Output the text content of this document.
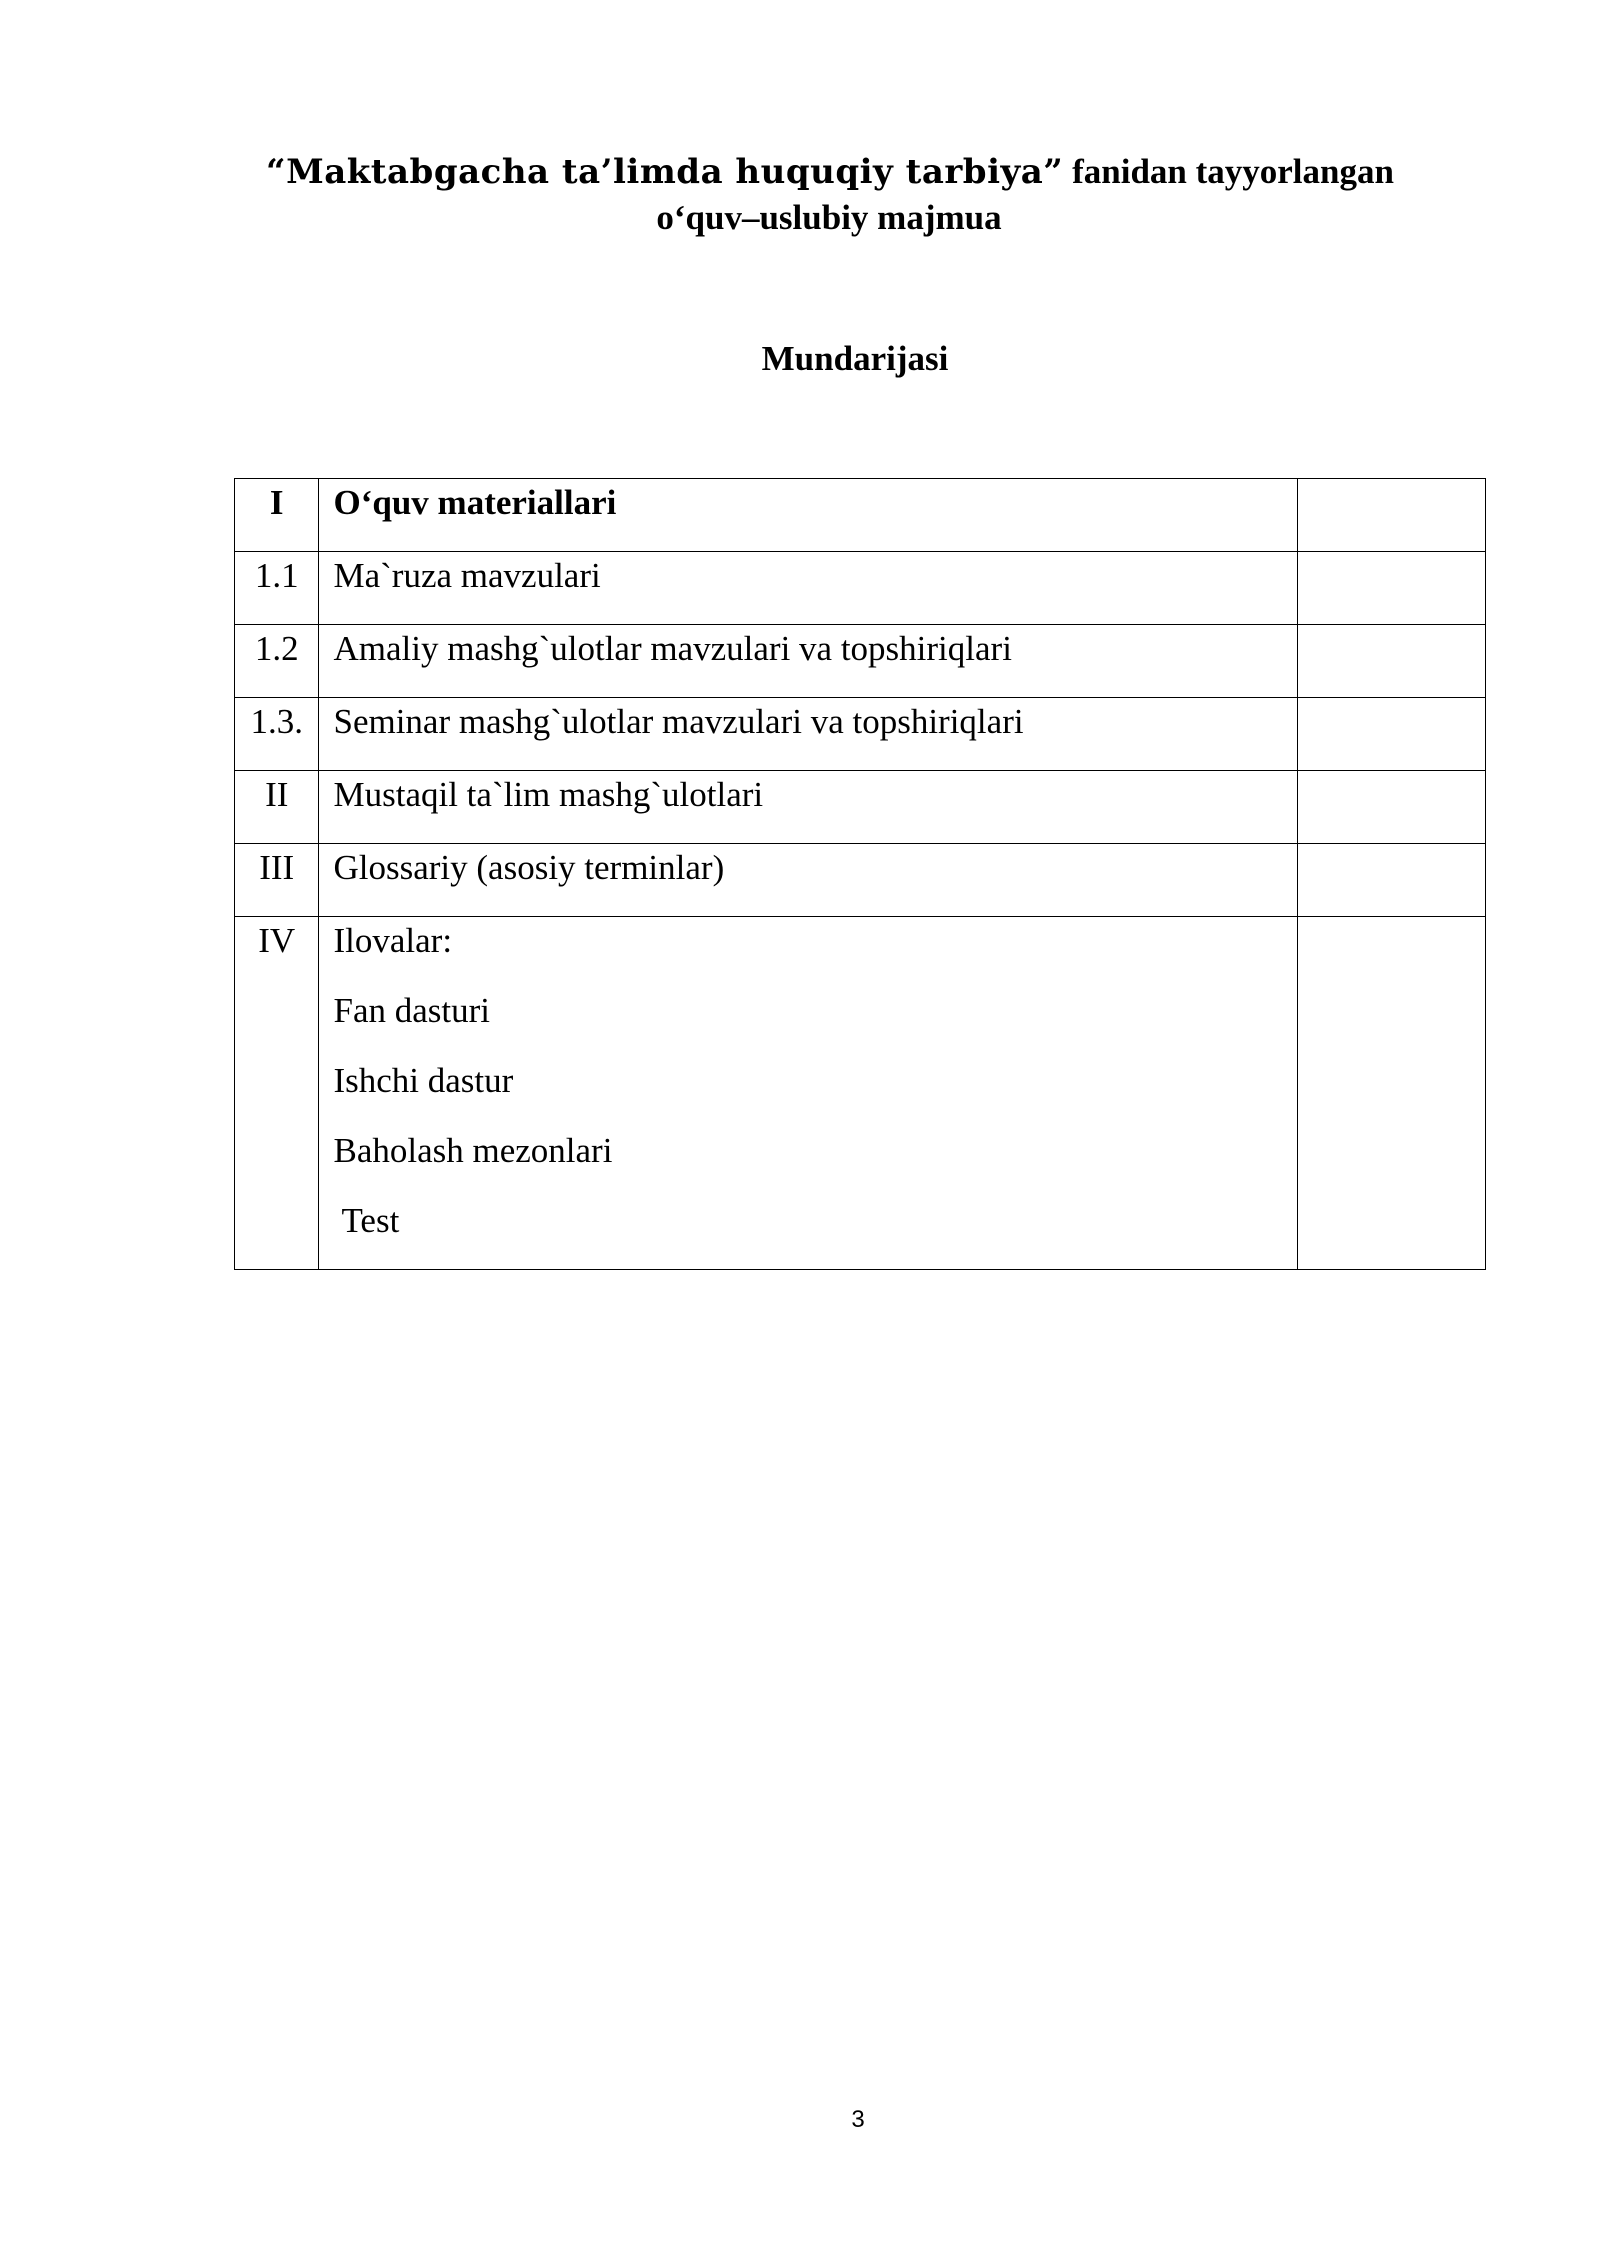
“Maktabgacha ta’limda huquqiy tarbiya” fanidan tayyorlangan
o‘quv–uslubiy majmua
Mundarijasi
I	O‘quv materiallari	
1.1	Ma`ruza mavzulari	
1.2	Amaliy mashg`ulotlar mavzulari va topshiriqlari	
1.3.	Seminar mashg`ulotlar mavzulari va topshiriqlari	
II	Mustaqil ta`lim mashg`ulotlari	
III	Glossariy (asosiy terminlar)	
IV	Ilovalar:
Fan dasturi
Ishchi dastur
Baholash mezonlari
Test	

3
